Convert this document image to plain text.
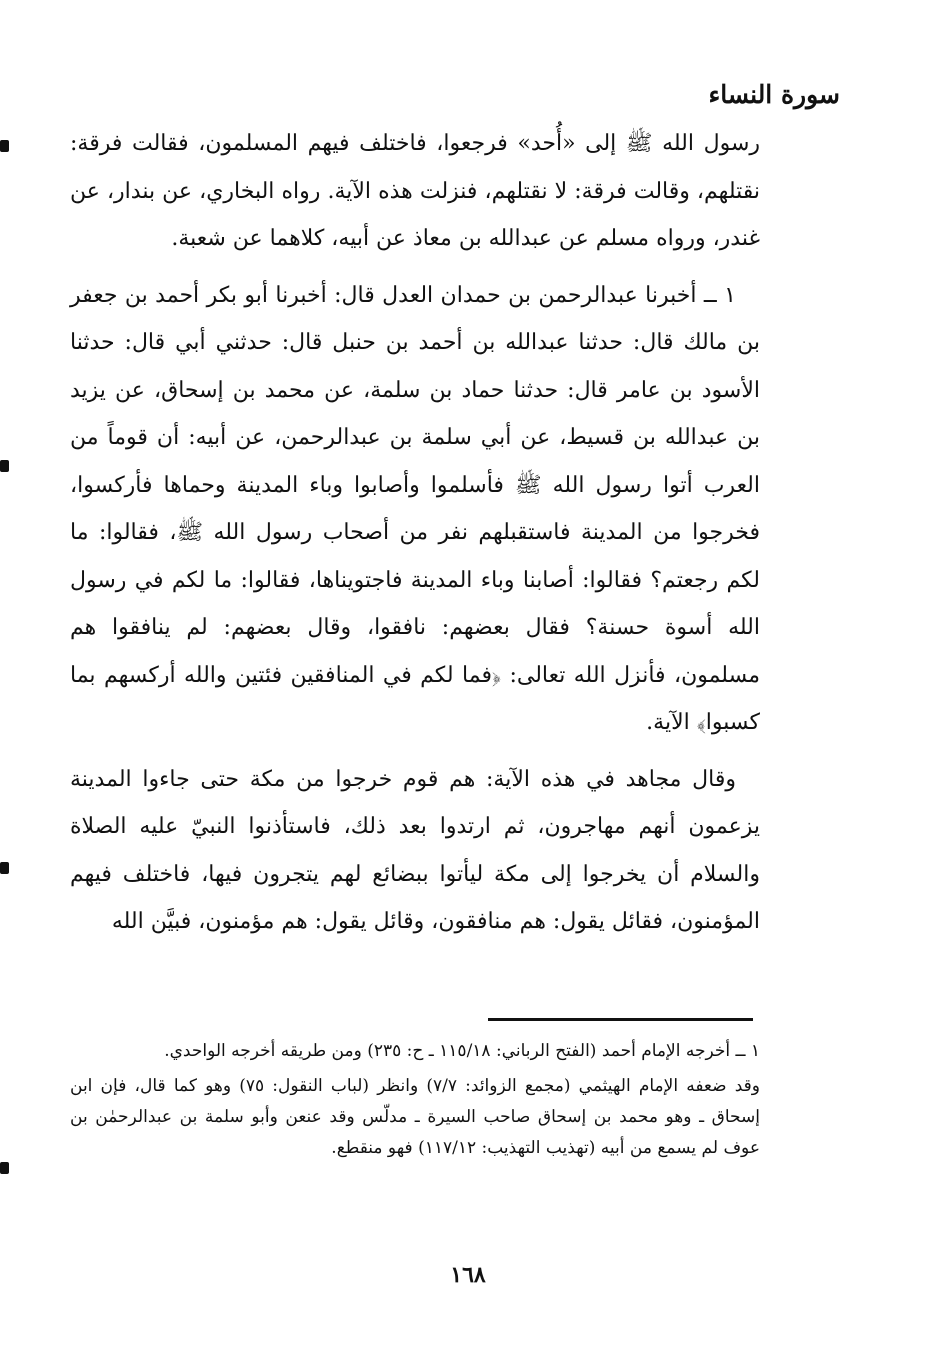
سورة النساء

رسول الله ﷺ إلى «أُحد» فرجعوا، فاختلف فيهم المسلمون، فقالت فرقة: نقتلهم، وقالت فرقة: لا نقتلهم، فنزلت هذه الآية. رواه البخاري، عن بندار، عن غندر، ورواه مسلم عن عبدالله بن معاذ عن أبيه، كلاهما عن شعبة.

١ ــ أخبرنا عبدالرحمن بن حمدان العدل قال: أخبرنا أبو بكر أحمد بن جعفر بن مالك قال: حدثنا عبدالله بن أحمد بن حنبل قال: حدثني أبي قال: حدثنا الأسود بن عامر قال: حدثنا حماد بن سلمة، عن محمد بن إسحاق، عن يزيد بن عبدالله بن قسيط، عن أبي سلمة بن عبدالرحمن، عن أبيه: أن قوماً من العرب أتوا رسول الله ﷺ فأسلموا وأصابوا وباء المدينة وحماها فأركسوا، فخرجوا من المدينة فاستقبلهم نفر من أصحاب رسول الله ﷺ، فقالوا: ما لكم رجعتم؟ فقالوا: أصابنا وباء المدينة فاجتويناها، فقالوا: ما لكم في رسول الله أسوة حسنة؟ فقال بعضهم: نافقوا، وقال بعضهم: لم ينافقوا هم مسلمون، فأنزل الله تعالى: ﴿فما لكم في المنافقين فئتين والله أركسهم بما كسبوا﴾ الآية.

وقال مجاهد في هذه الآية: هم قوم خرجوا من مكة حتى جاءوا المدينة يزعمون أنهم مهاجرون، ثم ارتدوا بعد ذلك، فاستأذنوا النبيّ عليه الصلاة والسلام أن يخرجوا إلى مكة ليأتوا ببضائع لهم يتجرون فيها، فاختلف فيهم المؤمنون، فقائل يقول: هم منافقون، وقائل يقول: هم مؤمنون، فبيَّن الله

١ ــ أخرجه الإمام أحمد (الفتح الرباني: ١١٥/١٨ ـ ح: ٢٣٥) ومن طريقه أخرجه الواحدي.

وقد ضعفه الإمام الهيثمي (مجمع الزوائد: ٧/٧) وانظر (لباب النقول: ٧٥) وهو كما قال، فإن ابن إسحاق ـ وهو محمد بن إسحاق صاحب السيرة ـ مدلّس وقد عنعن وأبو سلمة بن عبدالرحمٰن بن عوف لم يسمع من أبيه (تهذيب التهذيب: ١١٧/١٢) فهو منقطع.

١٦٨
